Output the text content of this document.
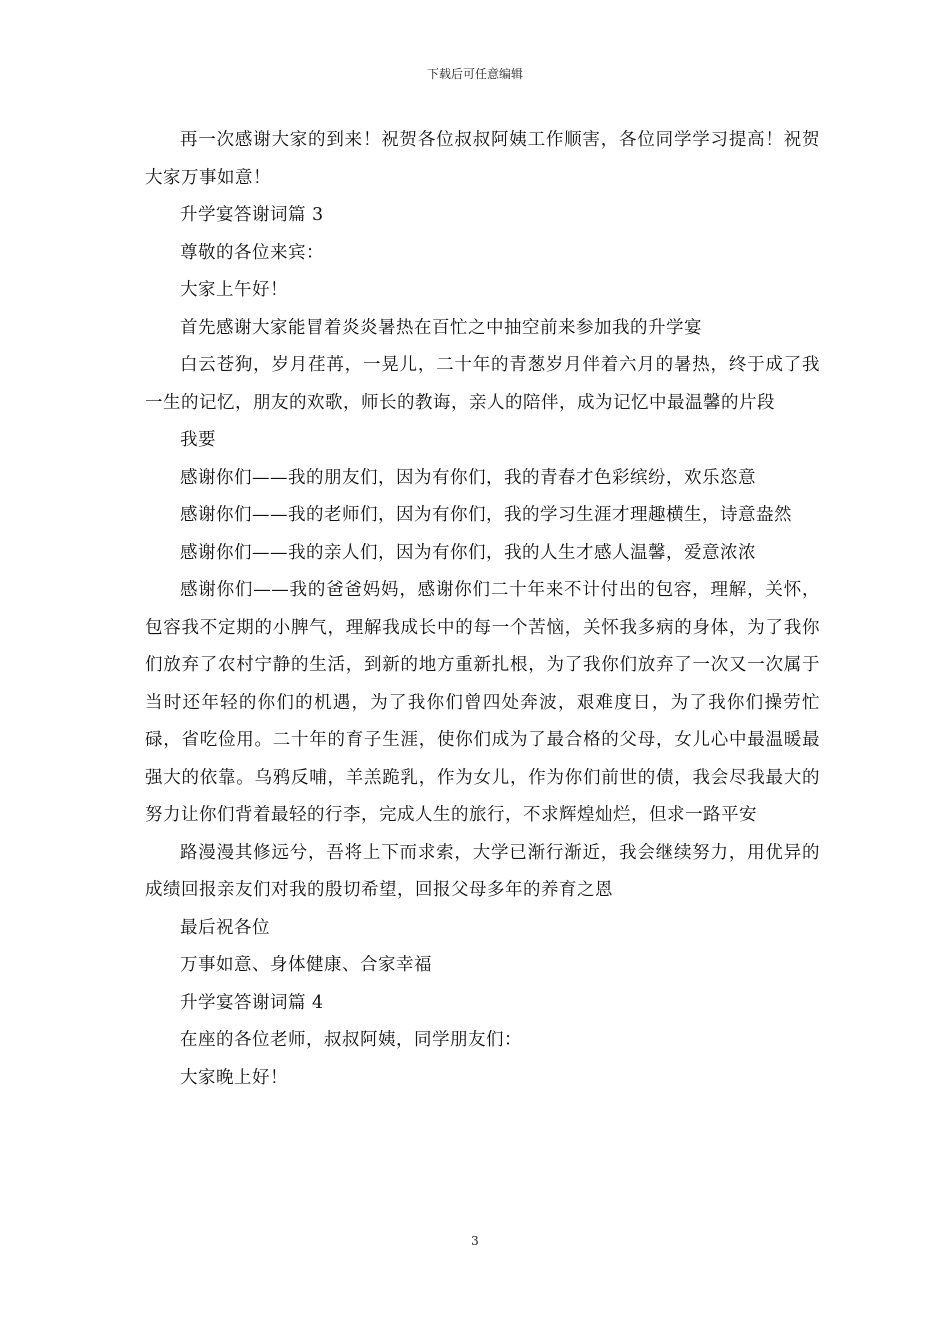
下载后可任意编辑

再一次感谢大家的到来！祝贺各位叔叔阿姨工作顺害，各位同学学习提高！祝贺大家万事如意！

升学宴答谢词篇 3

尊敬的各位来宾：

大家上午好！

首先感谢大家能冒着炎炎暑热在百忙之中抽空前来参加我的升学宴

白云苍狗，岁月荏苒，一晃儿，二十年的青葱岁月伴着六月的暑热，终于成了我一生的记忆，朋友的欢歌，师长的教诲，亲人的陪伴，成为记忆中最温馨的片段

我要

感谢你们——我的朋友们，因为有你们，我的青春才色彩缤纷，欢乐恣意

感谢你们——我的老师们，因为有你们，我的学习生涯才理趣横生，诗意盎然

感谢你们——我的亲人们，因为有你们，我的人生才感人温馨，爱意浓浓

感谢你们——我的爸爸妈妈，感谢你们二十年来不计付出的包容，理解，关怀，包容我不定期的小脾气，理解我成长中的每一个苦恼，关怀我多病的身体，为了我你们放弃了农村宁静的生活，到新的地方重新扎根，为了我你们放弃了一次又一次属于当时还年轻的你们的机遇，为了我你们曾四处奔波，艰难度日，为了我你们操劳忙碌，省吃俭用。二十年的育子生涯，使你们成为了最合格的父母，女儿心中最温暖最强大的依靠。乌鸦反哺，羊羔跪乳，作为女儿，作为你们前世的债，我会尽我最大的努力让你们背着最轻的行李，完成人生的旅行，不求辉煌灿烂，但求一路平安

路漫漫其修远兮，吾将上下而求索，大学已渐行渐近，我会继续努力，用优异的成绩回报亲友们对我的殷切希望，回报父母多年的养育之恩

最后祝各位

万事如意、身体健康、合家幸福

升学宴答谢词篇 4

在座的各位老师，叔叔阿姨，同学朋友们：

大家晚上好！

3
